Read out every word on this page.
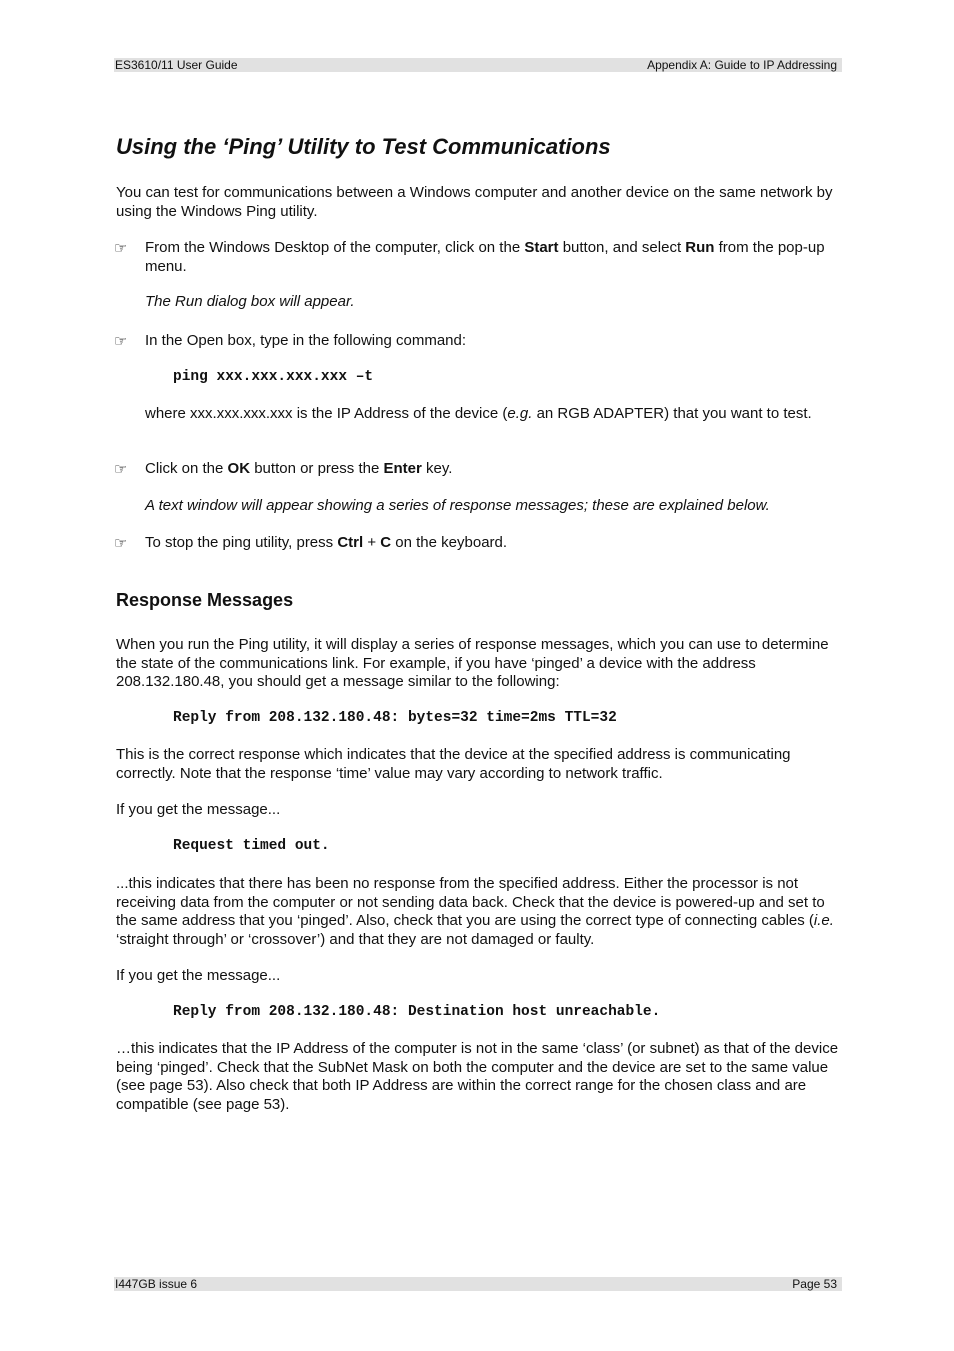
ES3610/11 User Guide	Appendix A: Guide to IP Addressing
Using the ‘Ping’ Utility to Test Communications

You can test for communications between a Windows computer and another device on the same network by using the Windows Ping utility.

☞ From the Windows Desktop of the computer, click on the Start button, and select Run from the pop-up menu.

The Run dialog box will appear.

☞ In the Open box, type in the following command:

ping xxx.xxx.xxx.xxx –t

where xxx.xxx.xxx.xxx is the IP Address of the device (e.g. an RGB ADAPTER) that you want to test.

☞ Click on the OK button or press the Enter key.

A text window will appear showing a series of response messages; these are explained below.

☞ To stop the ping utility, press Ctrl + C on the keyboard.

Response Messages

When you run the Ping utility, it will display a series of response messages, which you can use to determine the state of the communications link. For example, if you have ‘pinged’ a device with the address 208.132.180.48, you should get a message similar to the following:

Reply from 208.132.180.48: bytes=32 time=2ms TTL=32

This is the correct response which indicates that the device at the specified address is communicating correctly. Note that the response ‘time’ value may vary according to network traffic.

If you get the message...

Request timed out.

...this indicates that there has been no response from the specified address. Either the processor is not receiving data from the computer or not sending data back. Check that the device is powered-up and set to the same address that you ‘pinged’. Also, check that you are using the correct type of connecting cables (i.e. ‘straight through’ or ‘crossover’) and that they are not damaged or faulty.

If you get the message...

Reply from 208.132.180.48: Destination host unreachable.

…this indicates that the IP Address of the computer is not in the same ‘class’ (or subnet) as that of the device being ‘pinged’. Check that the SubNet Mask on both the computer and the device are set to the same value (see page 53). Also check that both IP Address are within the correct range for the chosen class and are compatible (see page 53).

I447GB issue 6	Page 53
